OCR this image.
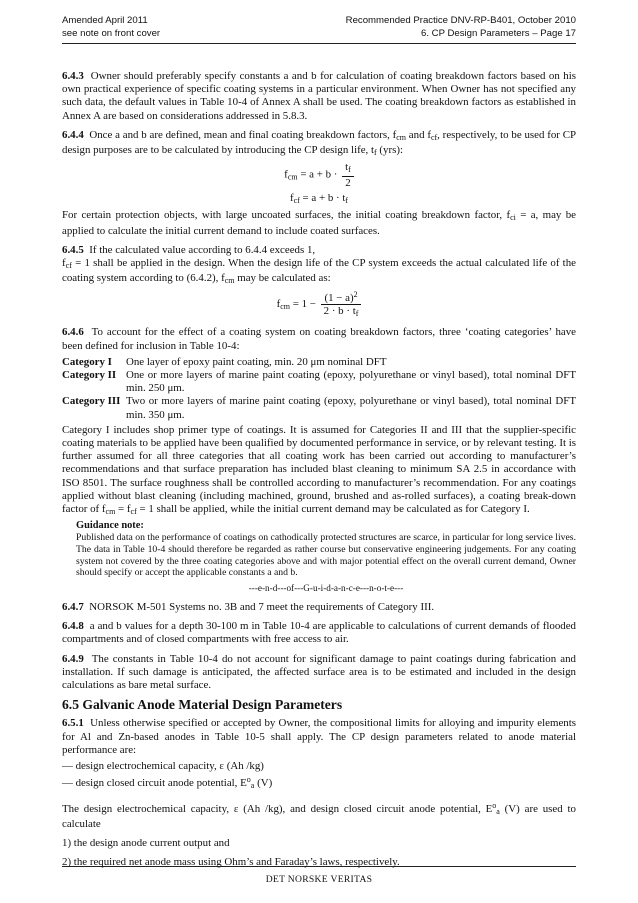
Amended April 2011
see note on front cover
Recommended Practice DNV-RP-B401, October 2010
6. CP Design Parameters – Page 17

6.4.3 Owner should preferably specify constants a and b for calculation of coating breakdown factors based on his own practical experience of specific coating systems in a particular environment. When Owner has not specified any such data, the default values in Table 10-4 of Annex A shall be used. The coating breakdown factors as established in Annex A are based on considerations addressed in 5.8.3.

6.4.4 Once a and b are defined, mean and final coating breakdown factors, $f_{cm}$ and $f_{cf}$, respectively, to be used for CP design purposes are to be calculated by introducing the CP design life, $t_f$ (yrs):

$f_{cm} = a + b \cdot \frac{t_f}{2}$
$f_{cf} = a + b \cdot t_f$

For certain protection objects, with large uncoated surfaces, the initial coating breakdown factor, $f_{ci} = a$, may be applied to calculate the initial current demand to include coated surfaces.

6.4.5 If the calculated value according to 6.4.4 exceeds 1,
$f_{cf} = 1$ shall be applied in the design. When the design life of the CP system exceeds the actual calculated life of the coating system according to (6.4.2), $f_{cm}$ may be calculated as:

$f_{cm} = 1 - \frac{(1 - a)^2}{2 \cdot b \cdot t_f}$

6.4.6 To account for the effect of a coating system on coating breakdown factors, three ‘coating categories’ have been defined for inclusion in Table 10-4:

Category I	One layer of epoxy paint coating, min. 20 μm nominal DFT
Category II One or more layers of marine paint coating (epoxy, polyurethane or vinyl based), total nominal DFT min. 250 μm.
Category III Two or more layers of marine paint coating (epoxy, polyurethane or vinyl based), total nominal DFT min. 350 μm.

Category I includes shop primer type of coatings. It is assumed for Categories II and III that the supplier-specific coating materials to be applied have been qualified by documented performance in service, or by relevant testing. It is further assumed for all three categories that all coating work has been carried out according to manufacturer’s recommendations and that surface preparation has included blast cleaning to minimum SA 2.5 in accordance with ISO 8501. The surface roughness shall be controlled according to manufacturer’s recommendation. For any coatings applied without blast cleaning (including machined, ground, brushed and as-rolled surfaces), a coating break-down factor of $f_{cm} = f_{cf} = 1$ shall be applied, while the initial current demand may be calculated as for Category I.

Guidance note:
Published data on the performance of coatings on cathodically protected structures are scarce, in particular for long service lives. The data in Table 10-4 should therefore be regarded as rather course but conservative engineering judgements. For any coating system not covered by the three coating categories above and with major potential effect on the overall current demand, Owner should specify or accept the applicable constants a and b.
---e-n-d---of---G-u-i-d-a-n-c-e---n-o-t-e---

6.4.7 NORSOK M-501 Systems no. 3B and 7 meet the requirements of Category III.

6.4.8 a and b values for a depth 30-100 m in Table 10-4 are applicable to calculations of current demands of flooded compartments and of closed compartments with free access to air.

6.4.9 The constants in Table 10-4 do not account for significant damage to paint coatings during fabrication and installation. If such damage is anticipated, the affected surface area is to be estimated and included in the design calculations as bare metal surface.

6.5 Galvanic Anode Material Design Parameters

6.5.1 Unless otherwise specified or accepted by Owner, the compositional limits for alloying and impurity elements for Al and Zn-based anodes in Table 10-5 shall apply. The CP design parameters related to anode material performance are:

— design electrochemical capacity, ε (Ah /kg)
— design closed circuit anode potential, $E^o_a$ (V)

The design electrochemical capacity, ε (Ah /kg), and design closed circuit anode potential, $E^o_a$ (V) are used to calculate

1) the design anode current output and
2) the required net anode mass using Ohm’s and Faraday’s laws, respectively.
DET NORSKE VERITAS
